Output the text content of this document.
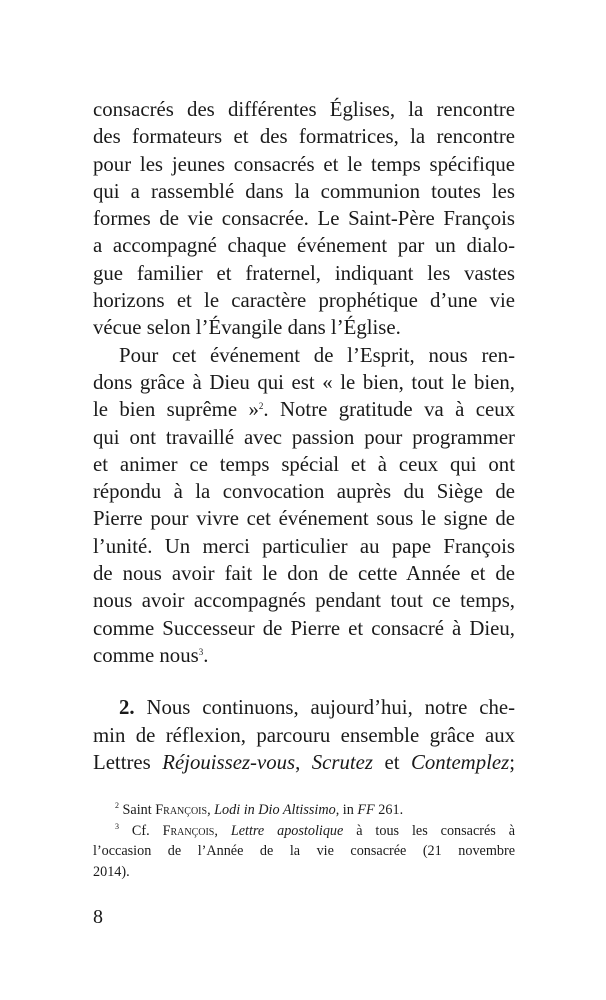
consacrés des différentes Églises, la rencontre
des formateurs et des formatrices, la rencontre
pour les jeunes consacrés et le temps spécifique
qui a rassemblé dans la communion toutes les
formes de vie consacrée. Le Saint-Père François
a accompagné chaque événement par un dialo-
gue familier et fraternel, indiquant les vastes
horizons et le caractère prophétique d’une vie
vécue selon l’Évangile dans l’Église.

Pour cet événement de l’Esprit, nous ren-
dons grâce à Dieu qui est « le bien, tout le bien,
le bien suprême »$^2$. Notre gratitude va à ceux
qui ont travaillé avec passion pour programmer
et animer ce temps spécial et à ceux qui ont
répondu à la convocation auprès du Siège de
Pierre pour vivre cet événement sous le signe de
l’unité. Un merci particulier au pape François
de nous avoir fait le don de cette Année et de
nous avoir accompagnés pendant tout ce temps,
comme Successeur de Pierre et consacré à Dieu,
comme nous$^3$.

2. Nous continuons, aujourd’hui, notre che-
min de réflexion, parcouru ensemble grâce aux
Lettres Réjouissez-vous, Scrutez et Contemplez;

$^2$ Saint François, Lodi in Dio Altissimo, in FF 261.
$^3$ Cf. François, Lettre apostolique à tous les consacrés à
l’occasion de l’Année de la vie consacrée (21 novembre
2014).
8
